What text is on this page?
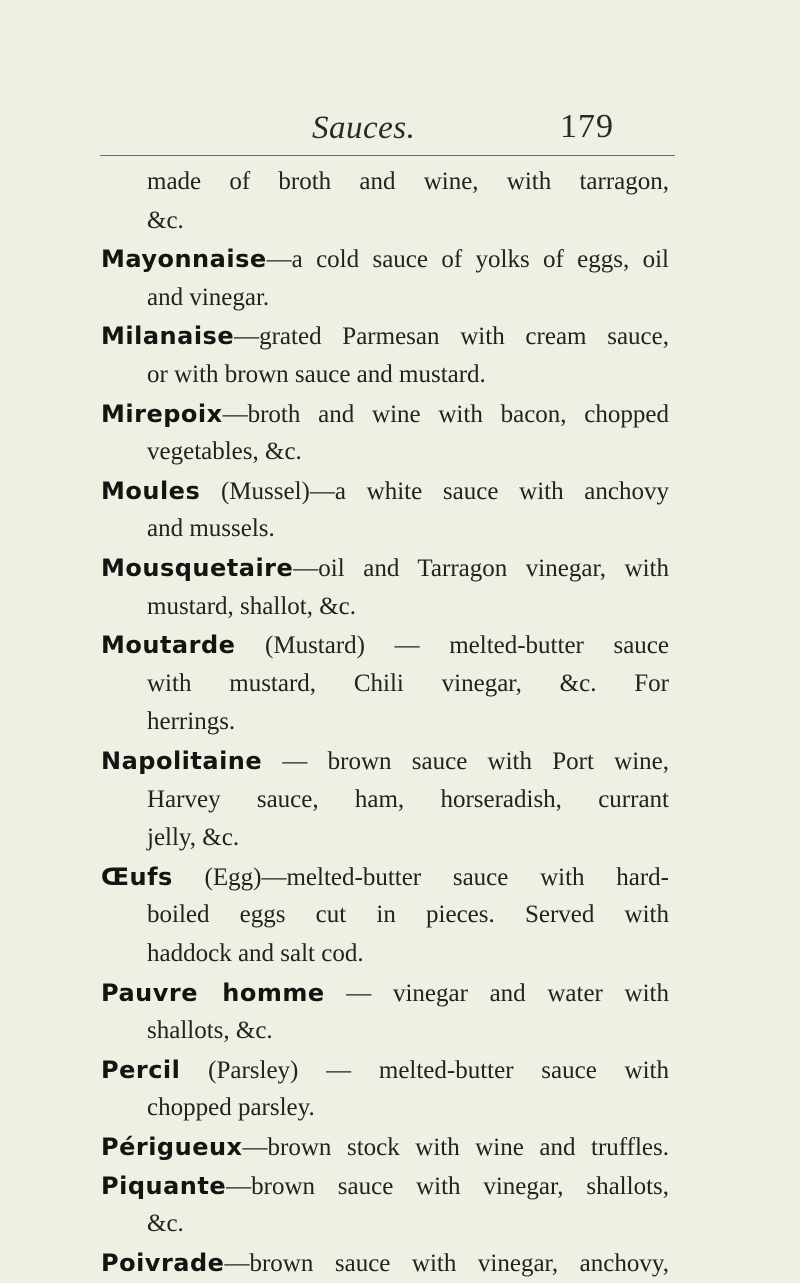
Sauces.	179
made of broth and wine, with tarragon,
&c.
Mayonnaise—a cold sauce of yolks of eggs, oil
and vinegar.
Milanaise—grated Parmesan with cream sauce,
or with brown sauce and mustard.
Mirepoix—broth and wine with bacon, chopped
vegetables, &c.
Moules (Mussel)—a white sauce with anchovy
and mussels.
Mousquetaire—oil and Tarragon vinegar, with
mustard, shallot, &c.
Moutarde (Mustard) — melted-butter sauce
with mustard, Chili vinegar, &c. For
herrings.
Napolitaine — brown sauce with Port wine,
Harvey sauce, ham, horseradish, currant
jelly, &c.
Œufs (Egg)—melted-butter sauce with hard-
boiled eggs cut in pieces. Served with
haddock and salt cod.
Pauvre homme — vinegar and water with
shallots, &c.
Percil (Parsley) — melted-butter sauce with
chopped parsley.
Périgueux—brown stock with wine and truffles.
Piquante—brown sauce with vinegar, shallots,
&c.
Poivrade—brown sauce with vinegar, anchovy,
